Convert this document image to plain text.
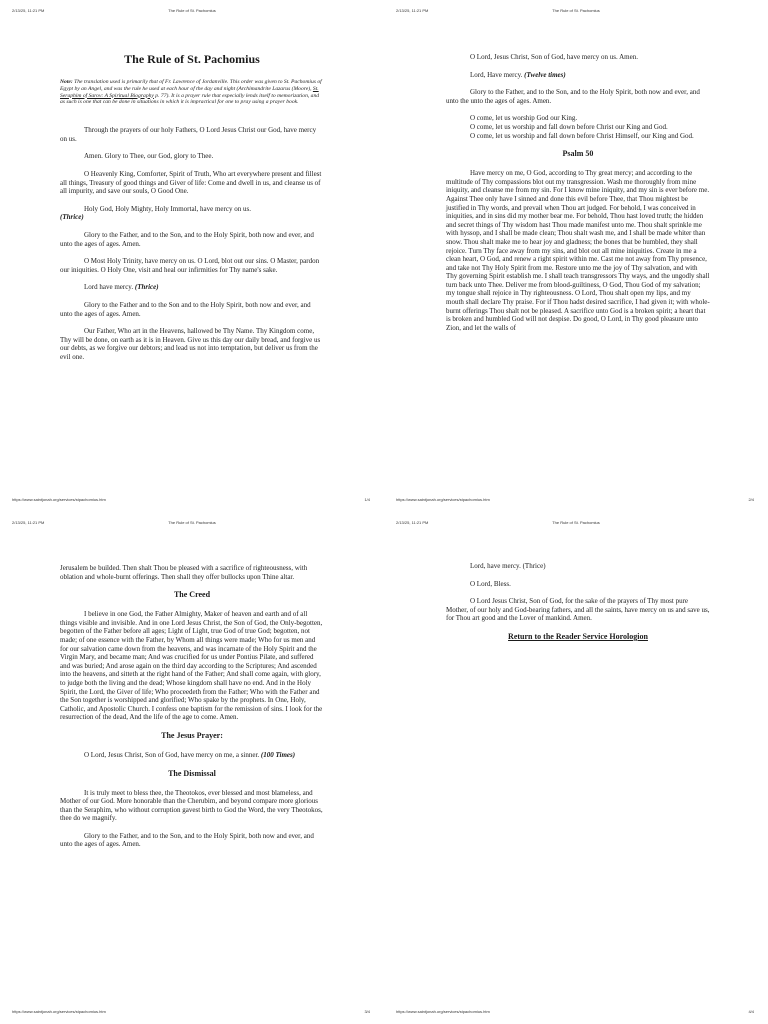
2/13/25, 11:21 PM	The Rule of St. Pachomius
The Rule of St. Pachomius

Note: The translation used is primarily that of Fr. Lawrence of Jordanville. This order was given to St. Pachomius of Egypt by an Angel, and was the rule he used at each hour of the day and night (Archimandrite Lazarus (Moore), St. Seraphim of Sarov: A Spiritual Biography p. 77). It is a prayer rule that especially lends itself to memorization, and as such is one that can be done in situations in which it is impractical for one to pray using a prayer book.

Through the prayers of our holy Fathers, O Lord Jesus Christ our God, have mercy on us.

Amen. Glory to Thee, our God, glory to Thee.

O Heavenly King, Comforter, Spirit of Truth, Who art everywhere present and fillest all things, Treasury of good things and Giver of life: Come and dwell in us, and cleanse us of all impurity, and save our souls, O Good One.

Holy God, Holy Mighty, Holy Immortal, have mercy on us.

(Thrice)

Glory to the Father, and to the Son, and to the Holy Spirit, both now and ever, and unto the ages of ages. Amen.

O Most Holy Trinity, have mercy on us. O Lord, blot out our sins. O Master, pardon our iniquities. O Holy One, visit and heal our infirmities for Thy name's sake.

Lord have mercy. (Thrice)

Glory to the Father and to the Son and to the Holy Spirit, both now and ever, and unto the ages of ages. Amen.

Our Father, Who art in the Heavens, hallowed be Thy Name. Thy Kingdom come, Thy will be done, on earth as it is in Heaven. Give us this day our daily bread, and forgive us our debts, as we forgive our debtors; and lead us not into temptation, but deliver us from the evil one.

https://www.saintjonah.org/services/stpachomius.htm	1/4
2/13/25, 11:21 PM	The Rule of St. Pachomius

O Lord, Jesus Christ, Son of God, have mercy on us. Amen.

Lord, Have mercy. (Twelve times)

Glory to the Father, and to the Son, and to the Holy Spirit, both now and ever, and unto the unto the ages of ages. Amen.

O come, let us worship God our King.

O come, let us worship and fall down before Christ our King and God.

O come, let us worship and fall down before Christ Himself, our King and God.

Psalm 50

Have mercy on me, O God, according to Thy great mercy; and according to the multitude of Thy compassions blot out my transgression. Wash me thoroughly from mine iniquity, and cleanse me from my sin. For I know mine iniquity, and my sin is ever before me. Against Thee only have I sinned and done this evil before Thee, that Thou mightest be justified in Thy words, and prevail when Thou art judged. For behold, I was conceived in iniquities, and in sins did my mother bear me. For behold, Thou hast loved truth; the hidden and secret things of Thy wisdom hast Thou made manifest unto me. Thou shalt sprinkle me with hyssop, and I shall be made clean; Thou shalt wash me, and I shall be made whiter than snow. Thou shalt make me to hear joy and gladness; the bones that be humbled, they shall rejoice. Turn Thy face away from my sins, and blot out all mine iniquities. Create in me a clean heart, O God, and renew a right spirit within me. Cast me not away from Thy presence, and take not Thy Holy Spirit from me. Restore unto me the joy of Thy salvation, and with Thy governing Spirit establish me. I shall teach transgressors Thy ways, and the ungodly shall turn back unto Thee. Deliver me from blood-guiltiness, O God, Thou God of my salvation; my tongue shall rejoice in Thy righteousness. O Lord, Thou shalt open my lips, and my mouth shall declare Thy praise. For if Thou hadst desired sacrifice, I had given it; with whole-burnt offerings Thou shalt not be pleased. A sacrifice unto God is a broken spirit; a heart that is broken and humbled God will not despise. Do good, O Lord, in Thy good pleasure unto Zion, and let the walls of

https://www.saintjonah.org/services/stpachomius.htm	2/4
2/13/25, 11:21 PM	The Rule of St. Pachomius

Jerusalem be builded. Then shalt Thou be pleased with a sacrifice of righteousness, with oblation and whole-burnt offerings. Then shall they offer bullocks upon Thine altar.

The Creed

I believe in one God, the Father Almighty, Maker of heaven and earth and of all things visible and invisible. And in one Lord Jesus Christ, the Son of God, the Only-begotten, begotten of the Father before all ages; Light of Light, true God of true God; begotten, not made; of one essence with the Father, by Whom all things were made; Who for us men and for our salvation came down from the heavens, and was incarnate of the Holy Spirit and the Virgin Mary, and became man; And was crucified for us under Pontius Pilate, and suffered and was buried; And arose again on the third day according to the Scriptures; And ascended into the heavens, and sitteth at the right hand of the Father; And shall come again, with glory, to judge both the living and the dead; Whose kingdom shall have no end. And in the Holy Spirit, the Lord, the Giver of life; Who proceedeth from the Father; Who with the Father and the Son together is worshipped and glorified; Who spake by the prophets. In One, Holy, Catholic, and Apostolic Church. I confess one baptism for the remission of sins. I look for the resurrection of the dead, And the life of the age to come. Amen.

The Jesus Prayer:

O Lord, Jesus Christ, Son of God, have mercy on me, a sinner. (100 Times)

The Dismissal

It is truly meet to bless thee, the Theotokos, ever blessed and most blameless, and Mother of our God. More honorable than the Cherubim, and beyond compare more glorious than the Seraphim, who without corruption gavest birth to God the Word, the very Theotokos, thee do we magnify.

Glory to the Father, and to the Son, and to the Holy Spirit, both now and ever, and unto the ages of ages. Amen.

https://www.saintjonah.org/services/stpachomius.htm	3/4
2/13/25, 11:21 PM	The Rule of St. Pachomius

Lord, have mercy. (Thrice)

O Lord, Bless.

O Lord Jesus Christ, Son of God, for the sake of the prayers of Thy most pure Mother, of our holy and God-bearing fathers, and all the saints, have mercy on us and save us, for Thou art good and the Lover of mankind. Amen.

Return to the Reader Service Horologion
https://www.saintjonah.org/services/stpachomius.htm	4/4
